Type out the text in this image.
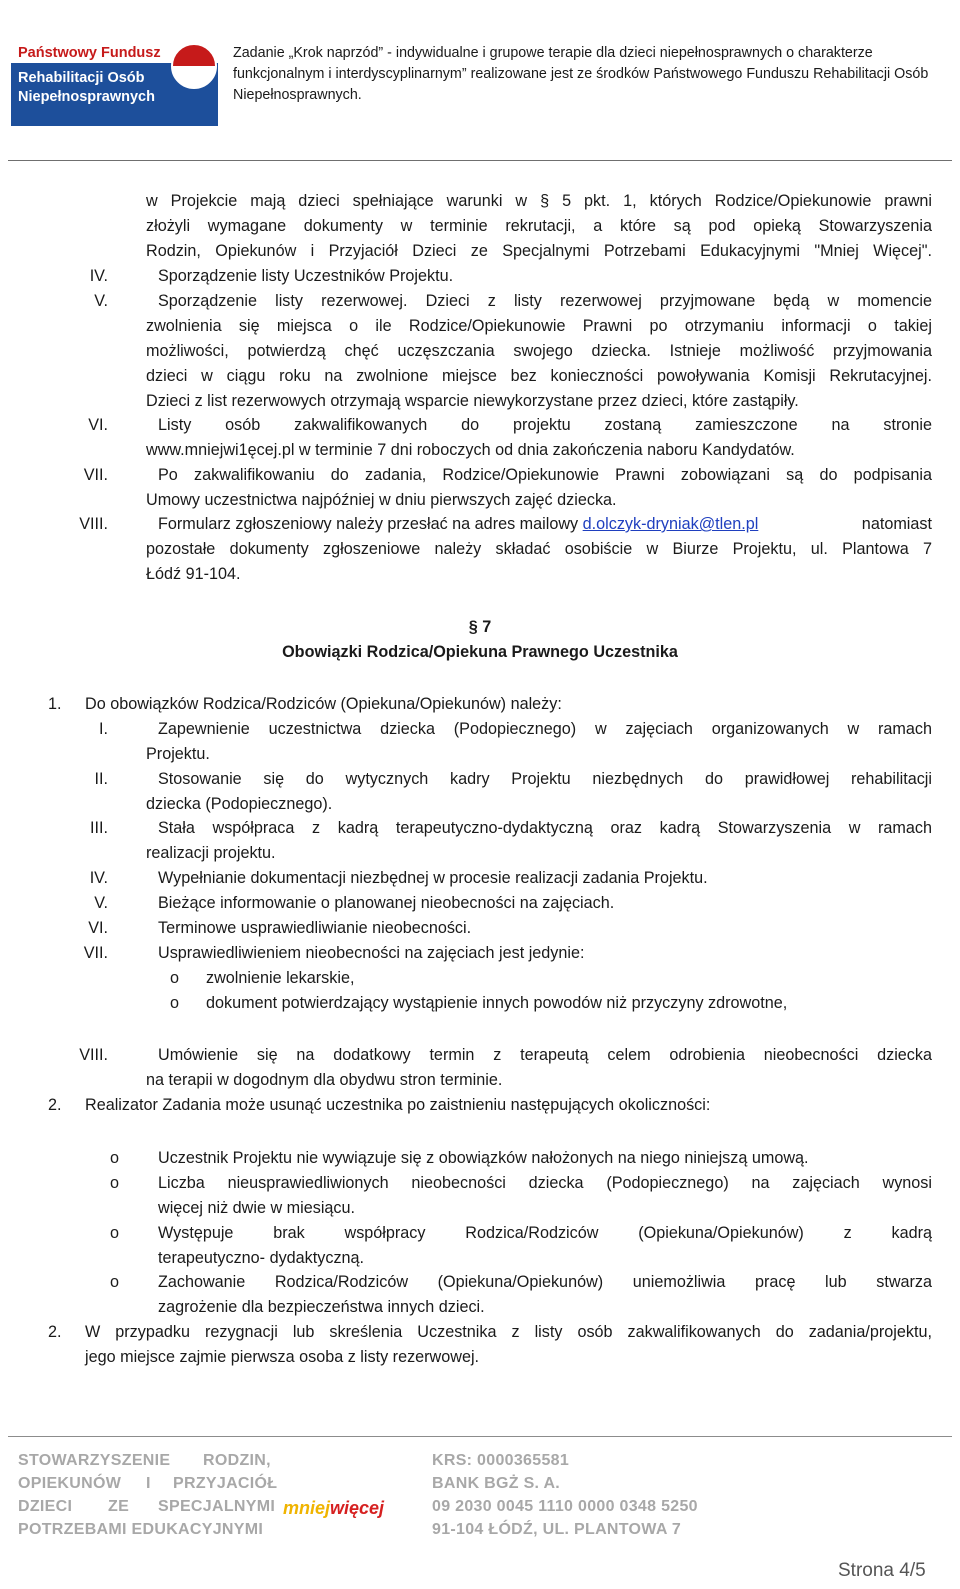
Państwowy Fundusz
Rehabilitacji Osób
Niepełnosprawnych
Zadanie „Krok naprzód” - indywidualne i grupowe terapie dla dzieci niepełnosprawnych o charakterze funkcjonalnym i interdyscyplinarnym” realizowane jest ze środków Państwowego Funduszu Rehabilitacji Osób Niepełnosprawnych.
w Projekcie mają dzieci spełniające warunki w § 5 pkt. 1, których Rodzice/Opiekunowie prawni
złożyli wymagane dokumenty w terminie rekrutacji, a które są pod opieką Stowarzyszenia
Rodzin, Opiekunów i Przyjaciół Dzieci ze Specjalnymi Potrzebami Edukacyjnymi "Mniej Więcej".
IV.	Sporządzenie listy Uczestników Projektu.
V.	Sporządzenie listy rezerwowej. Dzieci z listy rezerwowej przyjmowane będą w momencie
zwolnienia się miejsca o ile Rodzice/Opiekunowie Prawni po otrzymaniu informacji o takiej
możliwości, potwierdzą chęć uczęszczania swojego dziecka. Istnieje możliwość przyjmowania
dzieci w ciągu roku na zwolnione miejsce bez konieczności powoływania Komisji Rekrutacyjnej.
Dzieci z list rezerwowych otrzymają wsparcie niewykorzystane przez dzieci, które zastąpiły.
VI.	Listy osób zakwalifikowanych do projektu zostaną zamieszczone na stronie
www.mniejwi1ęcej.pl w terminie 7 dni roboczych od dnia zakończenia naboru Kandydatów.
VII.	Po zakwalifikowaniu do zadania, Rodzice/Opiekunowie Prawni zobowiązani są do podpisania
Umowy uczestnictwa najpóźniej w dniu pierwszych zajęć dziecka.
VIII.	Formularz zgłoszeniowy należy przesłać na adres mailowy d.olczyk-dryniak@tlen.pl	natomiast
pozostałe dokumenty zgłoszeniowe należy składać osobiście w Biurze Projektu, ul. Plantowa 7
Łódź 91-104.
§ 7
Obowiązki Rodzica/Opiekuna Prawnego Uczestnika
1. Do obowiązków Rodzica/Rodziców (Opiekuna/Opiekunów) należy:
I.	Zapewnienie uczestnictwa dziecka (Podopiecznego) w zajęciach organizowanych w ramach
Projektu.
II.	Stosowanie się do wytycznych kadry Projektu niezbędnych do prawidłowej rehabilitacji
dziecka (Podopiecznego).
III.	Stała współpraca z kadrą terapeutyczno-dydaktyczną oraz kadrą Stowarzyszenia w ramach
realizacji projektu.
IV.	Wypełnianie dokumentacji niezbędnej w procesie realizacji zadania Projektu.
V.	Bieżące informowanie o planowanej nieobecności na zajęciach.
VI.	Terminowe usprawiedliwianie nieobecności.
VII.	Usprawiedliwieniem nieobecności na zajęciach jest jedynie:
o zwolnienie lekarskie,
o dokument potwierdzający wystąpienie innych powodów niż przyczyny zdrowotne,
VIII.	Umówienie się na dodatkowy termin z terapeutą celem odrobienia nieobecności dziecka
na terapii w dogodnym dla obydwu stron terminie.
2. Realizator Zadania może usunąć uczestnika po zaistnieniu następujących okoliczności:
o Uczestnik Projektu nie wywiązuje się z obowiązków nałożonych na niego niniejszą umową.
o Liczba nieusprawiedliwionych nieobecności dziecka (Podopiecznego) na zajęciach wynosi
więcej niż dwie w miesiącu.
o Występuje brak współpracy Rodzica/Rodziców (Opiekuna/Opiekunów) z kadrą
terapeutyczno- dydaktyczną.
o Zachowanie Rodzica/Rodziców (Opiekuna/Opiekunów) uniemożliwia pracę lub stwarza
zagrożenie dla bezpieczeństwa innych dzieci.
2. W przypadku rezygnacji lub skreślenia Uczestnika z listy osób zakwalifikowanych do zadania/projektu,
jego miejsce zajmie pierwsza osoba z listy rezerwowej.
STOWARZYSZENIE RODZIN,
OPIEKUNÓW I PRZYJACIÓŁ
DZIECI ZE SPECJALNYMI
POTRZEBAMI EDUKACYJNYMI
mniejwięcej
KRS: 0000365581
BANK BGŻ S. A.
09 2030 0045 1110 0000 0348 5250
91-104 ŁÓDŹ, UL. PLANTOWA 7
Strona 4/5
